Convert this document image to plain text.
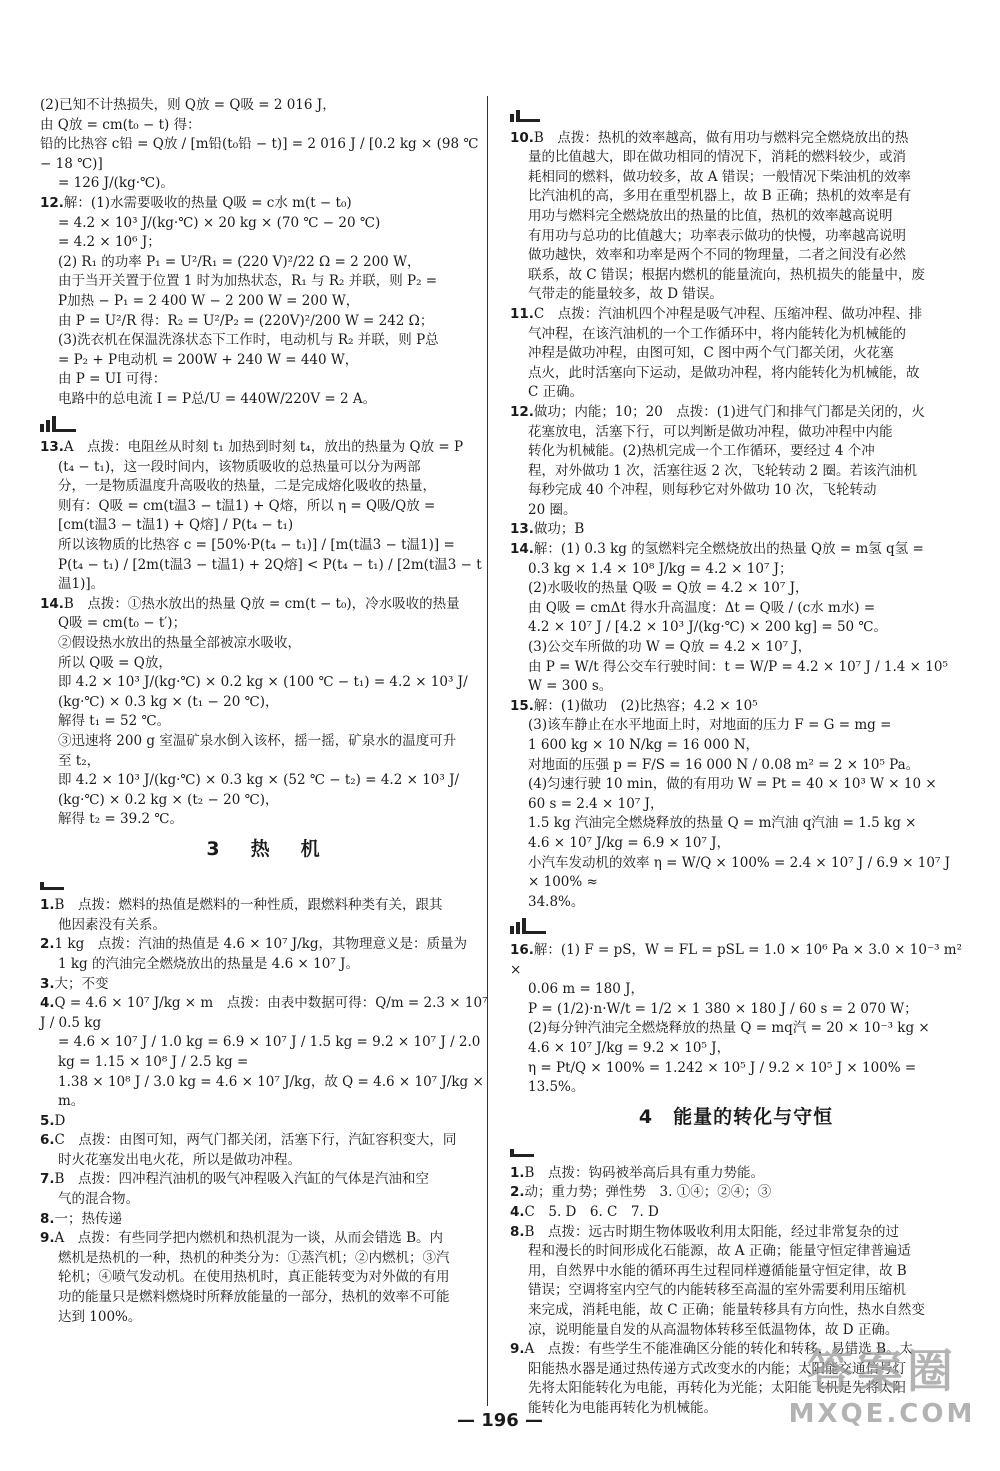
(2)已知不计热损失，则 Q放 = Q吸 = 2 016 J，

由 Q放 = cm(t₀ − t) 得：

铅的比热容 c铅 = Q放 / [m铅(t₀铅 − t)] = 2 016 J / [0.2 kg × (98 ℃ − 18 ℃)]

= 126 J/(kg·℃)。

12.解：(1)水需要吸收的热量 Q吸 = c水 m(t − t₀)

= 4.2 × 10³ J/(kg·℃) × 20 kg × (70 ℃ − 20 ℃)

= 4.2 × 10⁶ J；

(2) R₁ 的功率 P₁ = U²/R₁ = (220 V)²/22 Ω = 2 200 W，

由于当开关置于位置 1 时为加热状态，R₁ 与 R₂ 并联，则 P₂ =

P加热 − P₁ = 2 400 W − 2 200 W = 200 W，

由 P = U²/R 得：R₂ = U²/P₂ = (220V)²/200 W = 242 Ω；

(3)洗衣机在保温洗涤状态下工作时，电动机与 R₂ 并联，则 P总

= P₂ + P电动机 = 200W + 240 W = 440 W，

由 P = UI 可得：

电路中的总电流 I = P总/U = 440W/220V = 2 A。

13.A　点拨：电阻丝从时刻 t₁ 加热到时刻 t₄，放出的热量为 Q放 = P

(t₄ − t₁)，这一段时间内，该物质吸收的总热量可以分为两部

分，一是物质温度升高吸收的热量，二是完成熔化吸收的热量，

则有：Q吸 = cm(t温3 − t温1) + Q熔，所以 η = Q吸/Q放 =

[cm(t温3 − t温1) + Q熔] / P(t₄ − t₁)

所以该物质的比热容 c = [50%·P(t₄ − t₁)] / [m(t温3 − t温1)] =

P(t₄ − t₁) / [2m(t温3 − t温1) + 2Q熔] < P(t₄ − t₁) / [2m(t温3 − t温1)]。

14.B　点拨：①热水放出的热量 Q放 = cm(t − t₀)，冷水吸收的热量

Q吸 = cm(t₀ − t′)；

②假设热水放出的热量全部被凉水吸收，

所以 Q吸 = Q放，

即 4.2 × 10³ J/(kg·℃) × 0.2 kg × (100 ℃ − t₁) = 4.2 × 10³ J/

(kg·℃) × 0.3 kg × (t₁ − 20 ℃)，

解得 t₁ = 52 ℃。

③迅速将 200 g 室温矿泉水倒入该杯，摇一摇，矿泉水的温度可升

至 t₂，

即 4.2 × 10³ J/(kg·℃) × 0.3 kg × (52 ℃ − t₂) = 4.2 × 10³ J/

(kg·℃) × 0.2 kg × (t₂ − 20 ℃)，

解得 t₂ = 39.2 ℃。

3　热　机

1.B　点拨：燃料的热值是燃料的一种性质，跟燃料种类有关，跟其

他因素没有关系。

2.1 kg　点拨：汽油的热值是 4.6 × 10⁷ J/kg，其物理意义是：质量为

1 kg 的汽油完全燃烧放出的热量是 4.6 × 10⁷ J。

3.大；不变

4.Q = 4.6 × 10⁷ J/kg × m　点拨：由表中数据可得：Q/m = 2.3 × 10⁷ J / 0.5 kg

= 4.6 × 10⁷ J / 1.0 kg = 6.9 × 10⁷ J / 1.5 kg = 9.2 × 10⁷ J / 2.0 kg = 1.15 × 10⁸ J / 2.5 kg =

1.38 × 10⁸ J / 3.0 kg = 4.6 × 10⁷ J/kg，故 Q = 4.6 × 10⁷ J/kg × m。

5.D

6.C　点拨：由图可知，两气门都关闭，活塞下行，汽缸容积变大，同

时火花塞发出电火花，所以是做功冲程。

7.B　点拨：四冲程汽油机的吸气冲程吸入汽缸的气体是汽油和空

气的混合物。

8.一；热传递

9.A　点拨：有些同学把内燃机和热机混为一谈，从而会错选 B。内

燃机是热机的一种，热机的种类分为：①蒸汽机；②内燃机；③汽

轮机；④喷气发动机。在使用热机时，真正能转变为对外做的有用

功的能量只是燃料燃烧时所释放能量的一部分，热机的效率不可能

达到 100%。

10.B　点拨：热机的效率越高，做有用功与燃料完全燃烧放出的热

量的比值越大，即在做功相同的情况下，消耗的燃料较少，或消

耗相同的燃料，做功较多，故 A 错误；一般情况下柴油机的效率

比汽油机的高，多用在重型机器上，故 B 正确；热机的效率是有

用功与燃料完全燃烧放出的热量的比值，热机的效率越高说明

有用功与总功的比值越大；功率表示做功的快慢，功率越高说明

做功越快，效率和功率是两个不同的物理量，二者之间没有必然

联系，故 C 错误；根据内燃机的能量流向，热机损失的能量中，废

气带走的能量较多，故 D 错误。

11.C　点拨：汽油机四个冲程是吸气冲程、压缩冲程、做功冲程、排

气冲程，在该汽油机的一个工作循环中，将内能转化为机械能的

冲程是做功冲程，由图可知，C 图中两个气门都关闭，火花塞

点火，此时活塞向下运动，是做功冲程，将内能转化为机械能，故

C 正确。

12.做功；内能；10；20　点拨：(1)进气门和排气门都是关闭的，火

花塞放电，活塞下行，可以判断是做功冲程，做功冲程中内能

转化为机械能。(2)热机完成一个工作循环，要经过 4 个冲

程，对外做功 1 次，活塞往返 2 次，飞轮转动 2 圈。若该汽油机

每秒完成 40 个冲程，则每秒它对外做功 10 次，飞轮转动

20 圈。

13.做功；B

14.解：(1) 0.3 kg 的氢燃料完全燃烧放出的热量 Q放 = m氢 q氢 =

0.3 kg × 1.4 × 10⁸ J/kg = 4.2 × 10⁷ J；

(2)水吸收的热量 Q吸 = Q放 = 4.2 × 10⁷ J，

由 Q吸 = cmΔt 得水升高温度：Δt = Q吸 / (c水 m水) =

4.2 × 10⁷ J / [4.2 × 10³ J/(kg·℃) × 200 kg] = 50 ℃。

(3)公交车所做的功 W = Q放 = 4.2 × 10⁷ J，

由 P = W/t 得公交车行驶时间：t = W/P = 4.2 × 10⁷ J / 1.4 × 10⁵ W = 300 s。

15.解：(1)做功　(2)比热容；4.2 × 10⁵

(3)该车静止在水平地面上时，对地面的压力 F = G = mg =

1 600 kg × 10 N/kg = 16 000 N，

对地面的压强 p = F/S = 16 000 N / 0.08 m² = 2 × 10⁵ Pa。

(4)匀速行驶 10 min，做的有用功 W = Pt = 40 × 10³ W × 10 ×

60 s = 2.4 × 10⁷ J，

1.5 kg 汽油完全燃烧释放的热量 Q = m汽油 q汽油 = 1.5 kg ×

4.6 × 10⁷ J/kg = 6.9 × 10⁷ J，

小汽车发动机的效率 η = W/Q × 100% = 2.4 × 10⁷ J / 6.9 × 10⁷ J × 100% ≈

34.8%。

16.解：(1) F = pS，W = FL = pSL = 1.0 × 10⁶ Pa × 3.0 × 10⁻³ m² ×

0.06 m = 180 J，

P = (1/2)·n·W/t = 1/2 × 1 380 × 180 J / 60 s = 2 070 W；

(2)每分钟汽油完全燃烧释放的热量 Q = mq汽 = 20 × 10⁻³ kg ×

4.6 × 10⁷ J/kg = 9.2 × 10⁵ J，

η = Pt/Q × 100% = 1.242 × 10⁵ J / 9.2 × 10⁵ J × 100% = 13.5%。

4　能量的转化与守恒

1.B　点拨：钩码被举高后具有重力势能。

2.动；重力势；弹性势　3. ①④；②④；③

4.C　5. D　6. C　7. D

8.B　点拨：远古时期生物体吸收利用太阳能，经过非常复杂的过

程和漫长的时间形成化石能源，故 A 正确；能量守恒定律普遍适

用，自然界中水能的循环再生过程同样遵循能量守恒定律，故 B

错误；空调将室内空气的内能转移至高温的室外需要利用压缩机

来完成，消耗电能，故 C 正确；能量转移具有方向性，热水自然变

凉，说明能量自发的从高温物体转移至低温物体，故 D 正确。

9.A　点拨：有些学生不能准确区分能的转化和转移，易错选 B。太

阳能热水器是通过热传递方式改变水的内能；太阳能交通信号灯

先将太阳能转化为电能，再转化为光能；太阳能飞机是先将太阳

能转化为电能再转化为机械能。

— 196 —
答案圈
MXQE.COM
